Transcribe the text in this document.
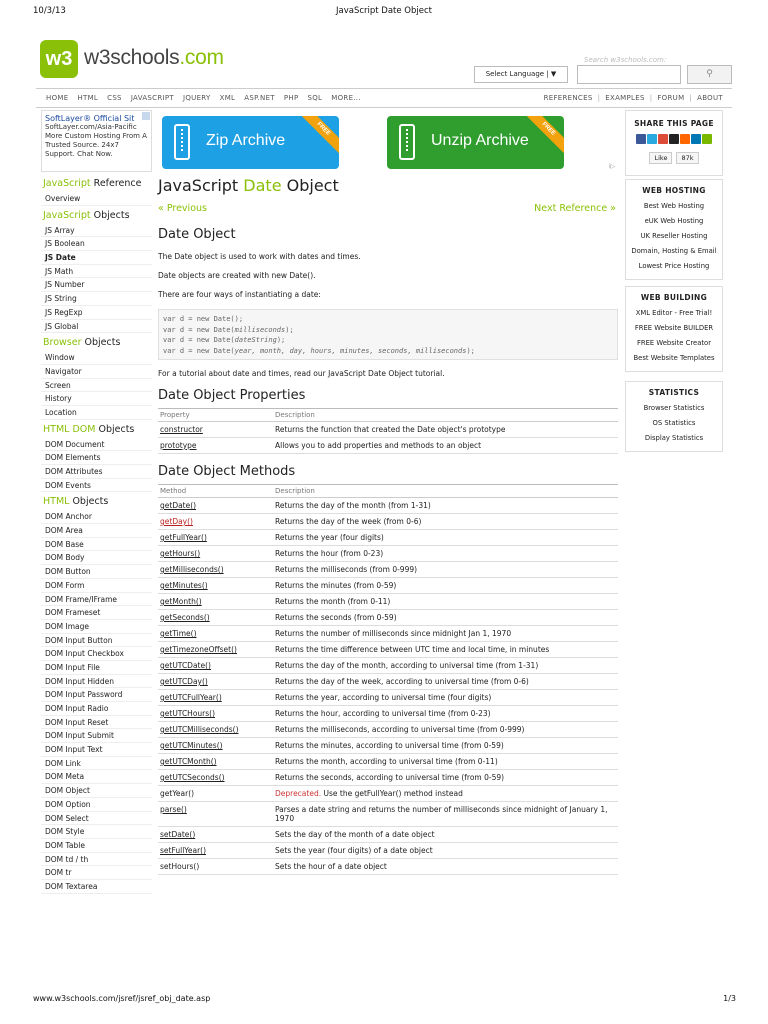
10/3/13	JavaScript Date Object
w3 w3schools.com	Search w3schools.com:
Select Language | ▼	⚲
HOME HTML CSS JAVASCRIPT JQUERY XML ASP.NET PHP SQL MORE...	REFERENCES | EXAMPLES | FORUM | ABOUT
SoftLayer® Official Sit
SoftLayer.com/Asia-Pacific More Custom Hosting From A Trusted Source. 24x7 Support. Chat Now.
JavaScript Reference
Overview
JavaScript Objects
JS Array
JS Boolean
JS Date
JS Math
JS Number
JS String
JS RegExp
JS Global
Browser Objects
Window
Navigator
Screen
History
Location
HTML DOM Objects
DOM Document
DOM Elements
DOM Attributes
DOM Events
HTML Objects
DOM Anchor
DOM Area
DOM Base
DOM Body
DOM Button
DOM Form
DOM Frame/IFrame
DOM Frameset
DOM Image
DOM Input Button
DOM Input Checkbox
DOM Input File
DOM Input Hidden
DOM Input Password
DOM Input Radio
DOM Input Reset
DOM Input Submit
DOM Input Text
DOM Link
DOM Meta
DOM Object
DOM Option
DOM Select
DOM Style
DOM Table
DOM td / th
DOM tr
DOM Textarea
Zip Archive
FREE
Unzip Archive
FREE
i▷
JavaScript Date Object
« Previous	Next Reference »
Date Object

The Date object is used to work with dates and times.

Date objects are created with new Date().

There are four ways of instantiating a date:

var d = new Date();
var d = new Date(milliseconds);
var d = new Date(dateString);
var d = new Date(year, month, day, hours, minutes, seconds, milliseconds);

For a tutorial about date and times, read our JavaScript Date Object tutorial.

Date Object Properties
Property	Description
constructor	Returns the function that created the Date object's prototype
prototype	Allows you to add properties and methods to an object
Date Object Methods
Method	Description
getDate()	Returns the day of the month (from 1-31)
getDay()	Returns the day of the week (from 0-6)
getFullYear()	Returns the year (four digits)
getHours()	Returns the hour (from 0-23)
getMilliseconds()	Returns the milliseconds (from 0-999)
getMinutes()	Returns the minutes (from 0-59)
getMonth()	Returns the month (from 0-11)
getSeconds()	Returns the seconds (from 0-59)
getTime()	Returns the number of milliseconds since midnight Jan 1, 1970
getTimezoneOffset()	Returns the time difference between UTC time and local time, in minutes
getUTCDate()	Returns the day of the month, according to universal time (from 1-31)
getUTCDay()	Returns the day of the week, according to universal time (from 0-6)
getUTCFullYear()	Returns the year, according to universal time (four digits)
getUTCHours()	Returns the hour, according to universal time (from 0-23)
getUTCMilliseconds()	Returns the milliseconds, according to universal time (from 0-999)
getUTCMinutes()	Returns the minutes, according to universal time (from 0-59)
getUTCMonth()	Returns the month, according to universal time (from 0-11)
getUTCSeconds()	Returns the seconds, according to universal time (from 0-59)
getYear()	Deprecated. Use the getFullYear() method instead
parse()	Parses a date string and returns the number of milliseconds since midnight of January 1, 1970
setDate()	Sets the day of the month of a date object
setFullYear()	Sets the year (four digits) of a date object
setHours()	Sets the hour of a date object
SHARE THIS PAGE
Like 87k
WEB HOSTING
Best Web Hosting
eUK Web Hosting
UK Reseller Hosting
Domain, Hosting & Email
Lowest Price Hosting
WEB BUILDING
XML Editor - Free Trial!
FREE Website BUILDER
FREE Website Creator
Best Website Templates
STATISTICS
Browser Statistics
OS Statistics
Display Statistics
www.w3schools.com/jsref/jsref_obj_date.asp	1/3
